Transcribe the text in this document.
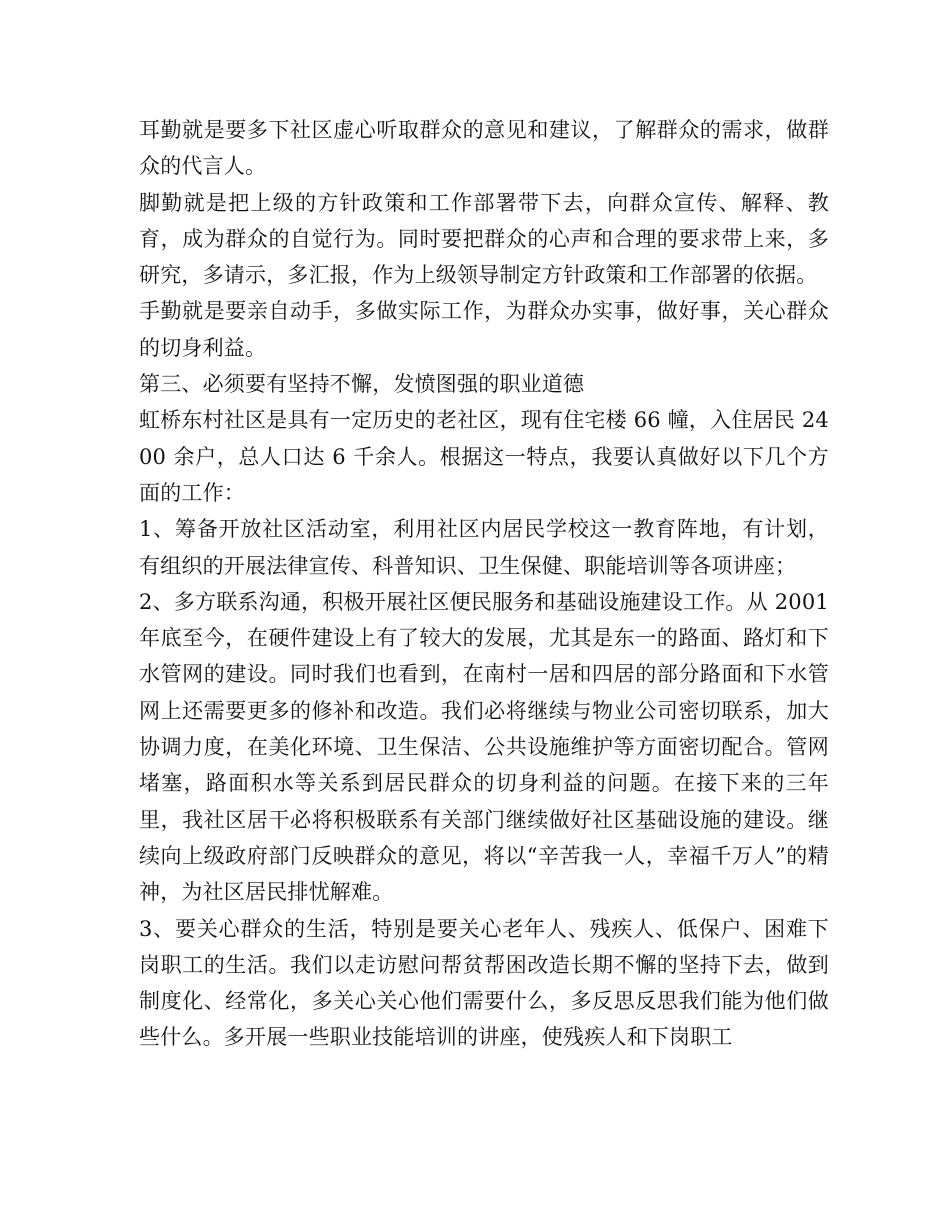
耳勤就是要多下社区虚心听取群众的意见和建议，了解群众的需求，做群众的代言人。

脚勤就是把上级的方针政策和工作部署带下去，向群众宣传、解释、教育，成为群众的自觉行为。同时要把群众的心声和合理的要求带上来，多研究，多请示，多汇报，作为上级领导制定方针政策和工作部署的依据。

手勤就是要亲自动手，多做实际工作，为群众办实事，做好事，关心群众的切身利益。

第三、必须要有坚持不懈，发愤图强的职业道德

虹桥东村社区是具有一定历史的老社区，现有住宅楼 66 幢，入住居民 2400 余户，总人口达 6 千余人。根据这一特点，我要认真做好以下几个方面的工作：

1、筹备开放社区活动室，利用社区内居民学校这一教育阵地，有计划，有组织的开展法律宣传、科普知识、卫生保健、职能培训等各项讲座；

2、多方联系沟通，积极开展社区便民服务和基础设施建设工作。从 2001 年底至今，在硬件建设上有了较大的发展，尤其是东一的路面、路灯和下水管网的建设。同时我们也看到，在南村一居和四居的部分路面和下水管网上还需要更多的修补和改造。我们必将继续与物业公司密切联系，加大协调力度，在美化环境、卫生保洁、公共设施维护等方面密切配合。管网堵塞，路面积水等关系到居民群众的切身利益的问题。在接下来的三年里，我社区居干必将积极联系有关部门继续做好社区基础设施的建设。继续向上级政府部门反映群众的意见，将以“辛苦我一人，幸福千万人”的精神，为社区居民排忧解难。

3、要关心群众的生活，特别是要关心老年人、残疾人、低保户、困难下岗职工的生活。我们以走访慰问帮贫帮困改造长期不懈的坚持下去，做到制度化、经常化，多关心关心他们需要什么，多反思反思我们能为他们做些什么。多开展一些职业技能培训的讲座，使残疾人和下岗职工
